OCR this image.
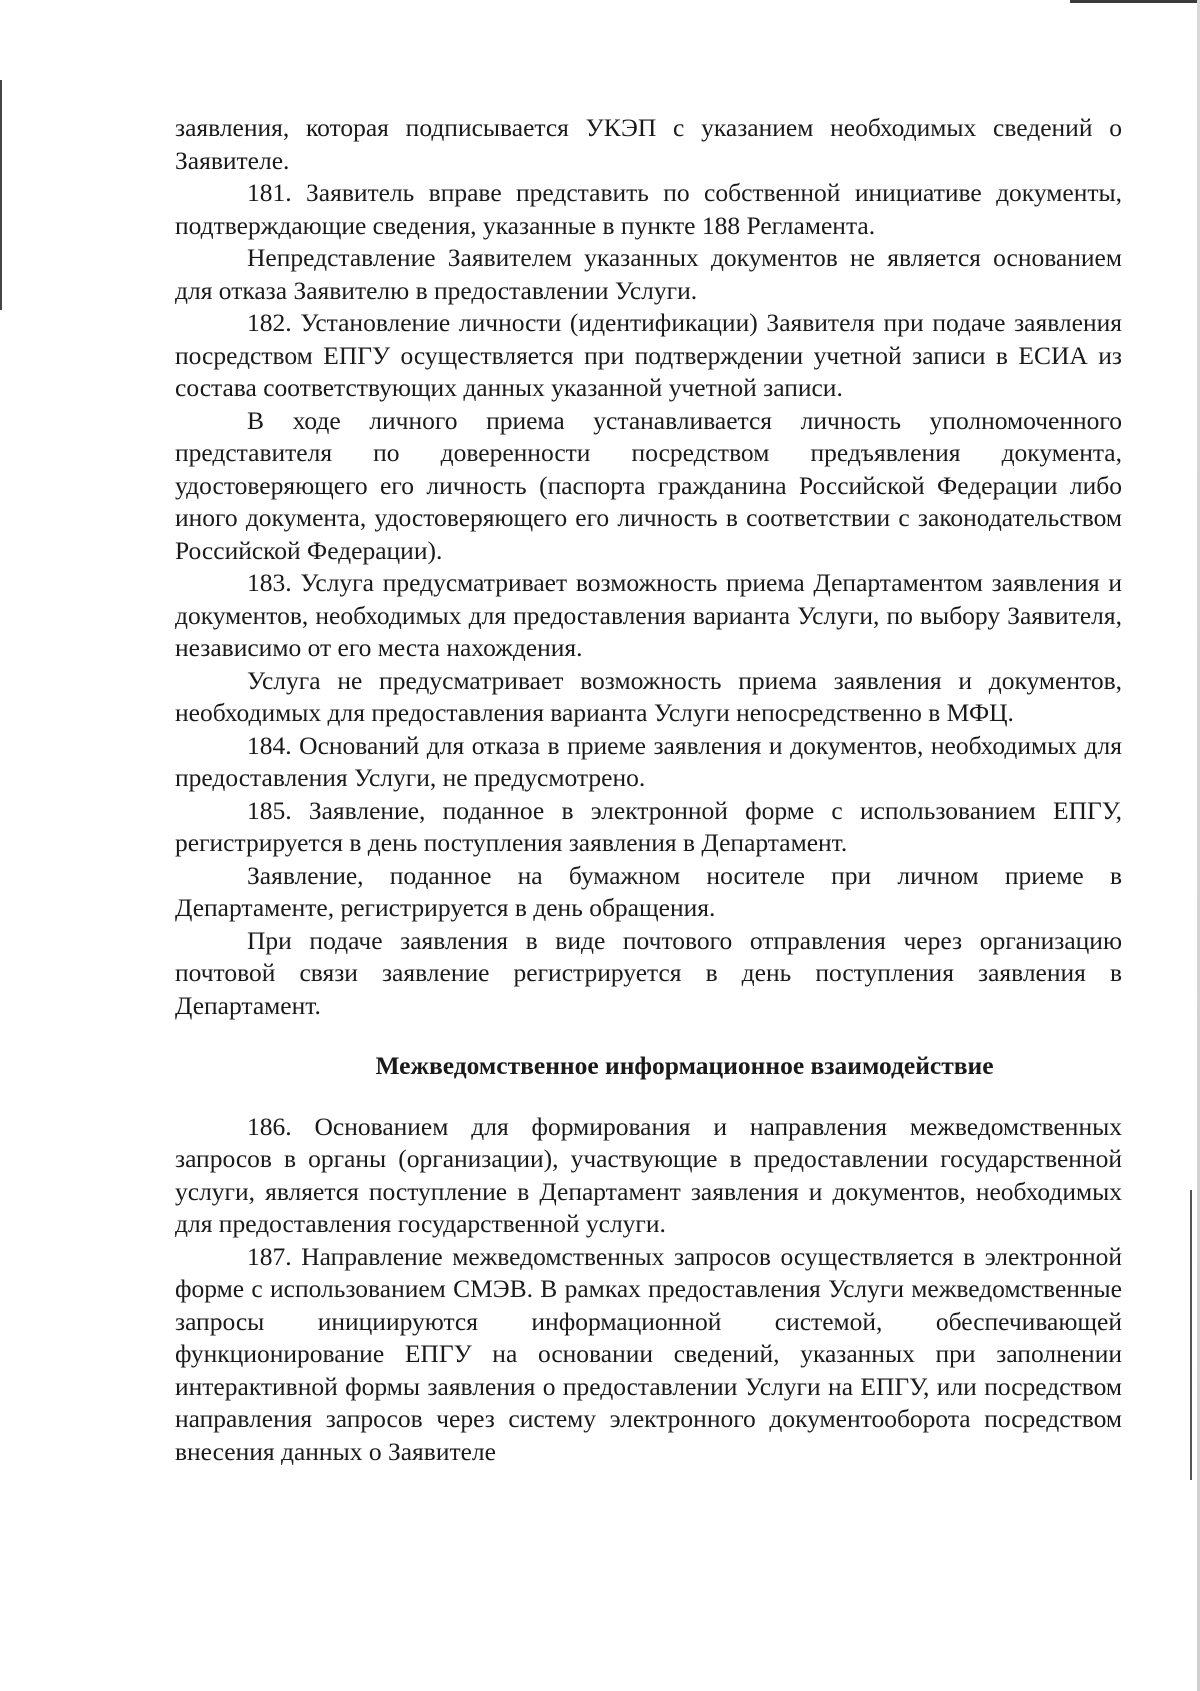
заявления, которая подписывается УКЭП с указанием необходимых сведений о Заявителе.

181. Заявитель вправе представить по собственной инициативе документы, подтверждающие сведения, указанные в пункте 188 Регламента.

Непредставление Заявителем указанных документов не является основанием для отказа Заявителю в предоставлении Услуги.

182. Установление личности (идентификации) Заявителя при подаче заявления посредством ЕПГУ осуществляется при подтверждении учетной записи в ЕСИА из состава соответствующих данных указанной учетной записи.

В ходе личного приема устанавливается личность уполномоченного представителя по доверенности посредством предъявления документа, удостоверяющего его личность (паспорта гражданина Российской Федерации либо иного документа, удостоверяющего его личность в соответствии с законодательством Российской Федерации).

183. Услуга предусматривает возможность приема Департаментом заявления и документов, необходимых для предоставления варианта Услуги, по выбору Заявителя, независимо от его места нахождения.

Услуга не предусматривает возможность приема заявления и документов, необходимых для предоставления варианта Услуги непосредственно в МФЦ.

184. Оснований для отказа в приеме заявления и документов, необходимых для предоставления Услуги, не предусмотрено.

185. Заявление, поданное в электронной форме с использованием ЕПГУ, регистрируется в день поступления заявления в Департамент.

Заявление, поданное на бумажном носителе при личном приеме в Департаменте, регистрируется в день обращения.

При подаче заявления в виде почтового отправления через организацию почтовой связи заявление регистрируется в день поступления заявления в Департамент.

Межведомственное информационное взаимодействие

186. Основанием для формирования и направления межведомственных запросов в органы (организации), участвующие в предоставлении государственной услуги, является поступление в Департамент заявления и документов, необходимых для предоставления государственной услуги.

187. Направление межведомственных запросов осуществляется в электронной форме с использованием СМЭВ. В рамках предоставления Услуги межведомственные запросы инициируются информационной системой, обеспечивающей функционирование ЕПГУ на основании сведений, указанных при заполнении интерактивной формы заявления о предоставлении Услуги на ЕПГУ, или посредством направления запросов через систему электронного документооборота посредством внесения данных о Заявителе
